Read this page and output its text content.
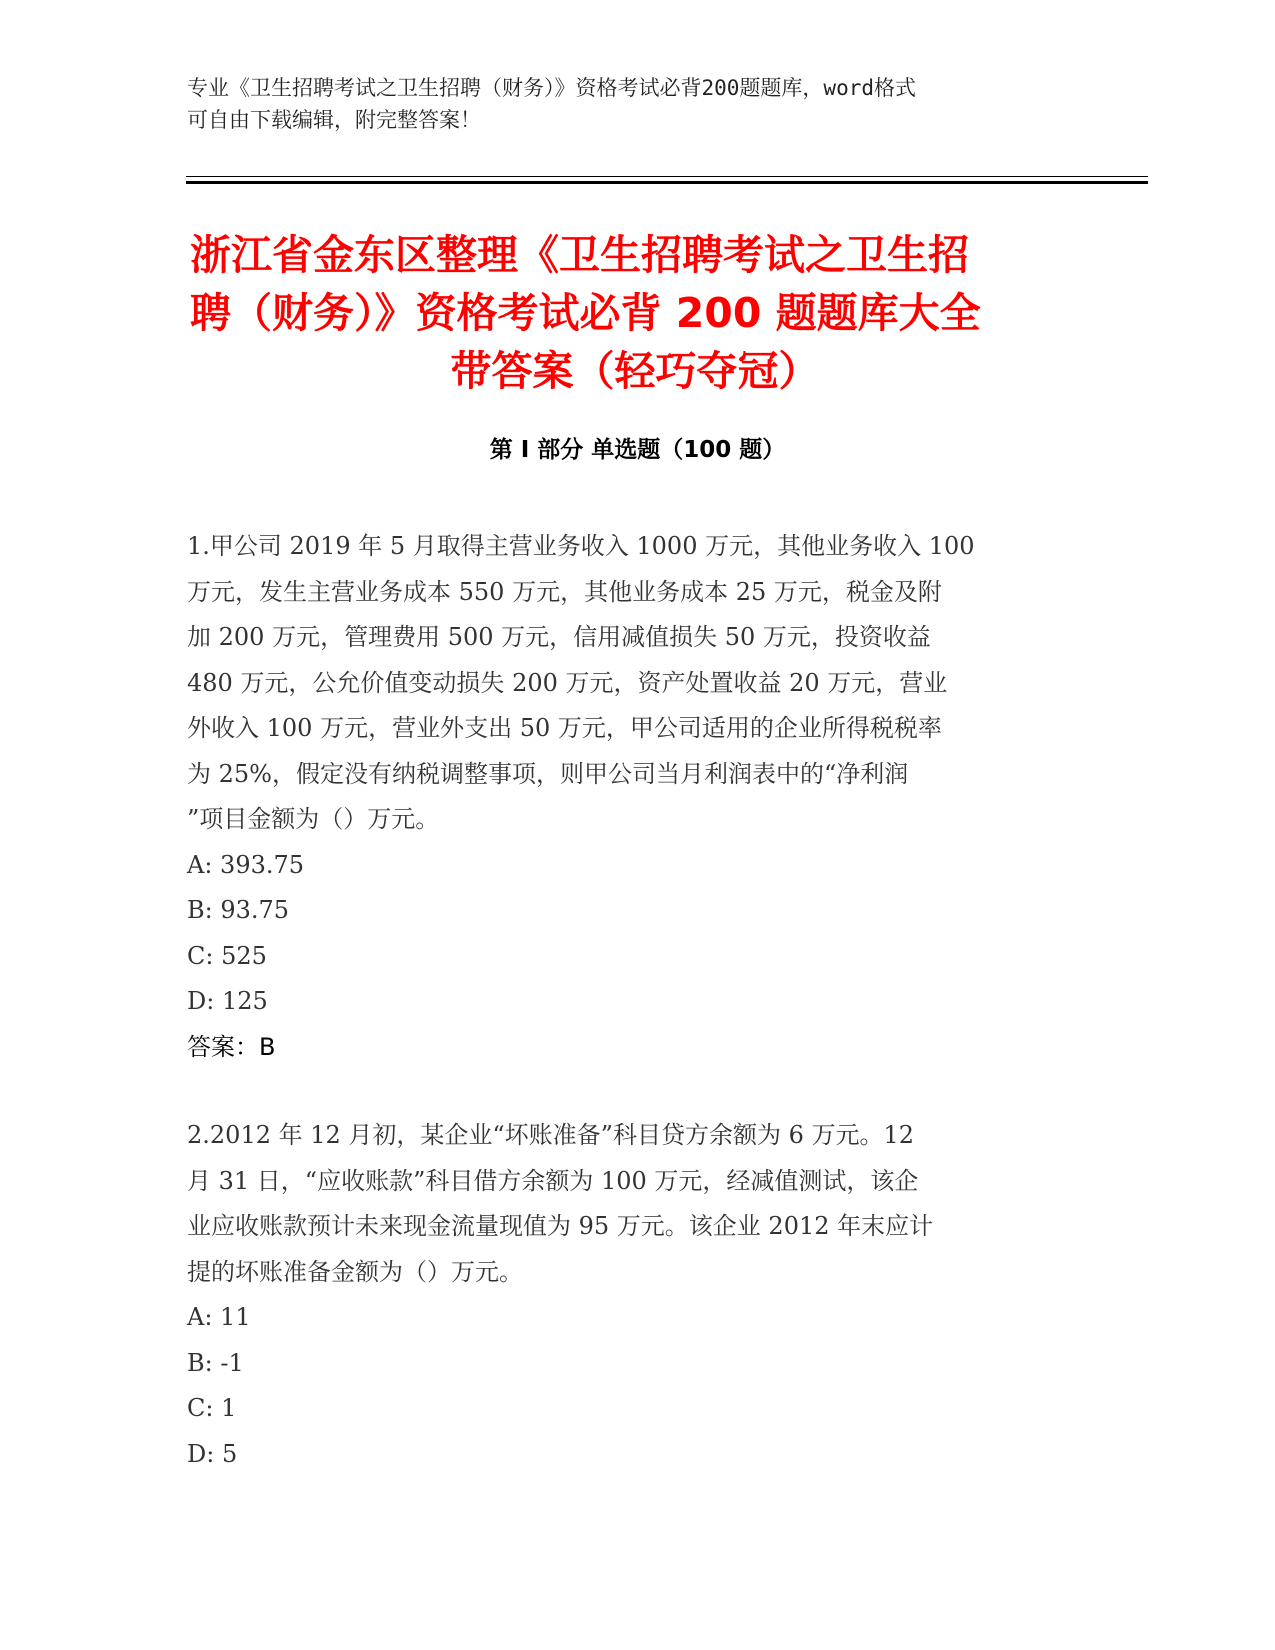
专业《卫生招聘考试之卫生招聘（财务）》资格考试必背200题题库，word格式
可自由下载编辑，附完整答案！
浙江省金东区整理《卫生招聘考试之卫生招
聘（财务）》资格考试必背 200 题题库大全
带答案（轻巧夺冠）
第 I 部分 单选题（100 题）
1.甲公司 2019 年 5 月取得主营业务收入 1000 万元，其他业务收入 100
万元，发生主营业务成本 550 万元，其他业务成本 25 万元，税金及附
加 200 万元，管理费用 500 万元，信用减值损失 50 万元，投资收益
480 万元，公允价值变动损失 200 万元，资产处置收益 20 万元，营业
外收入 100 万元，营业外支出 50 万元，甲公司适用的企业所得税税率
为 25%，假定没有纳税调整事项，则甲公司当月利润表中的“净利润
”项目金额为（）万元。
A: 393.75
B: 93.75
C: 525
D: 125
答案：B
2.2012 年 12 月初，某企业“坏账准备”科目贷方余额为 6 万元。12
月 31 日，“应收账款”科目借方余额为 100 万元，经减值测试，该企
业应收账款预计未来现金流量现值为 95 万元。该企业 2012 年末应计
提的坏账准备金额为（）万元。
A: 11
B: -1
C: 1
D: 5
